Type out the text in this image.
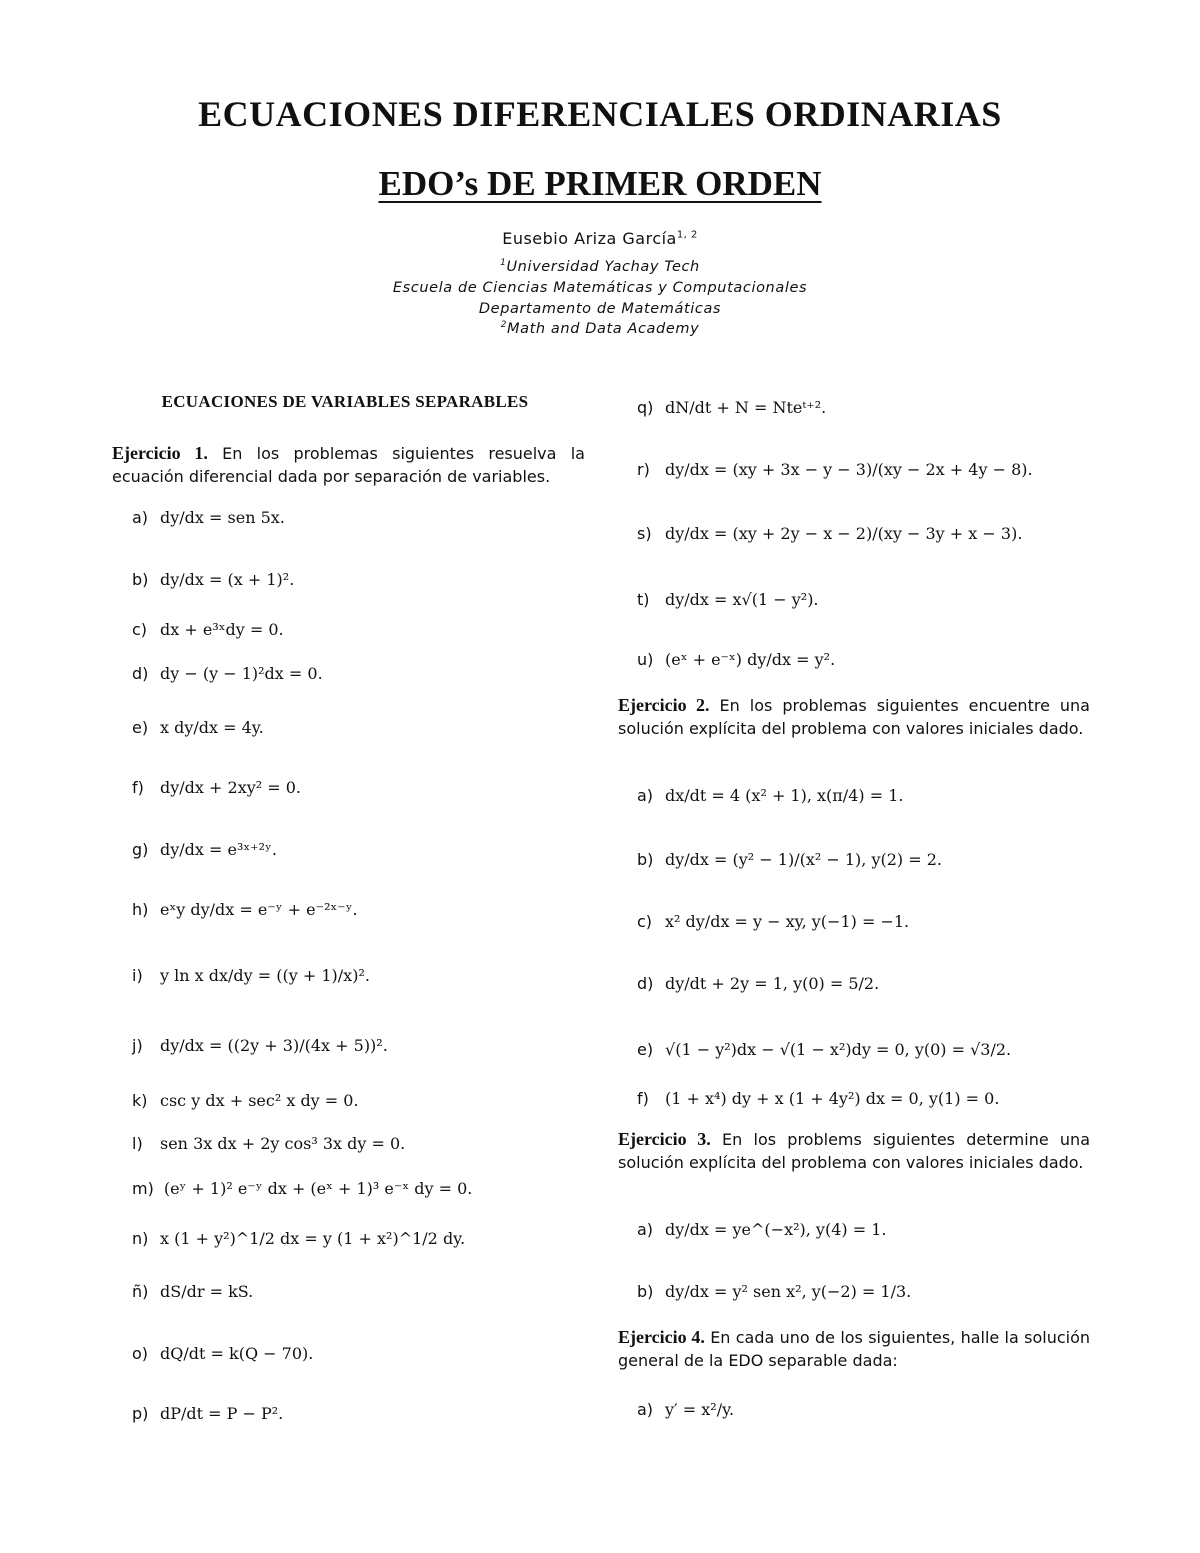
ECUACIONES DIFERENCIALES ORDINARIAS
EDO’s DE PRIMER ORDEN
Eusebio Ariza García$^{1, 2}$
$^1$Universidad Yachay Tech
Escuela de Ciencias Matemáticas y Computacionales
Departamento de Matemáticas
$^2$Math and Data Academy
ECUACIONES DE VARIABLES SEPARABLES
Ejercicio 1. En los problemas siguientes resuelva la ecuación diferencial dada por separación de variables.
a) dy/dx = sen 5x.
b) dy/dx = (x + 1)².
c) dx + e³ˣdy = 0.
d) dy − (y − 1)²dx = 0.
e) x dy/dx = 4y.
f)	dy/dx + 2xy² = 0.
g) dy/dx = e³ˣ⁺²ʸ.
h) eˣy dy/dx = e⁻ʸ + e⁻²ˣ⁻ʸ.
i)	y ln x dx/dy = ((y + 1)/x)².
j)	dy/dx = ((2y + 3)/(4x + 5))².
k) csc y dx + sec² x dy = 0.
l)	sen 3x dx + 2y cos³ 3x dy = 0.
m) (eʸ + 1)² e⁻ʸ dx + (eˣ + 1)³ e⁻ˣ dy = 0.
n) x (1 + y²)^1/2 dx = y (1 + x²)^1/2 dy.
ñ) dS/dr = kS.
o) dQ/dt = k(Q − 70).
p) dP/dt = P − P².
q) dN/dt + N = Nteᵗ⁺².
r) dy/dx = (xy + 3x − y − 3)/(xy − 2x + 4y − 8).
s) dy/dx = (xy + 2y − x − 2)/(xy − 3y + x − 3).
t) dy/dx = x√(1 − y²).
u) (eˣ + e⁻ˣ) dy/dx = y².
Ejercicio 2. En los problemas siguientes encuentre una solución explícita del problema con valores iniciales dado.
a) dx/dt = 4 (x² + 1), x(π/4) = 1.
b) dy/dx = (y² − 1)/(x² − 1), y(2) = 2.
c) x² dy/dx = y − xy, y(−1) = −1.
d) dy/dt + 2y = 1, y(0) = 5/2.
e) √(1 − y²)dx − √(1 − x²)dy = 0, y(0) = √3/2.
f)	(1 + x⁴) dy + x (1 + 4y²) dx = 0, y(1) = 0.
Ejercicio 3. En los problems siguientes determine una solución explícita del problema con valores iniciales dado.
a) dy/dx = ye^(−x²), y(4) = 1.
b) dy/dx = y² sen x², y(−2) = 1/3.
Ejercicio 4. En cada uno de los siguientes, halle la solución general de la EDO separable dada:
a) y′ = x²/y.
